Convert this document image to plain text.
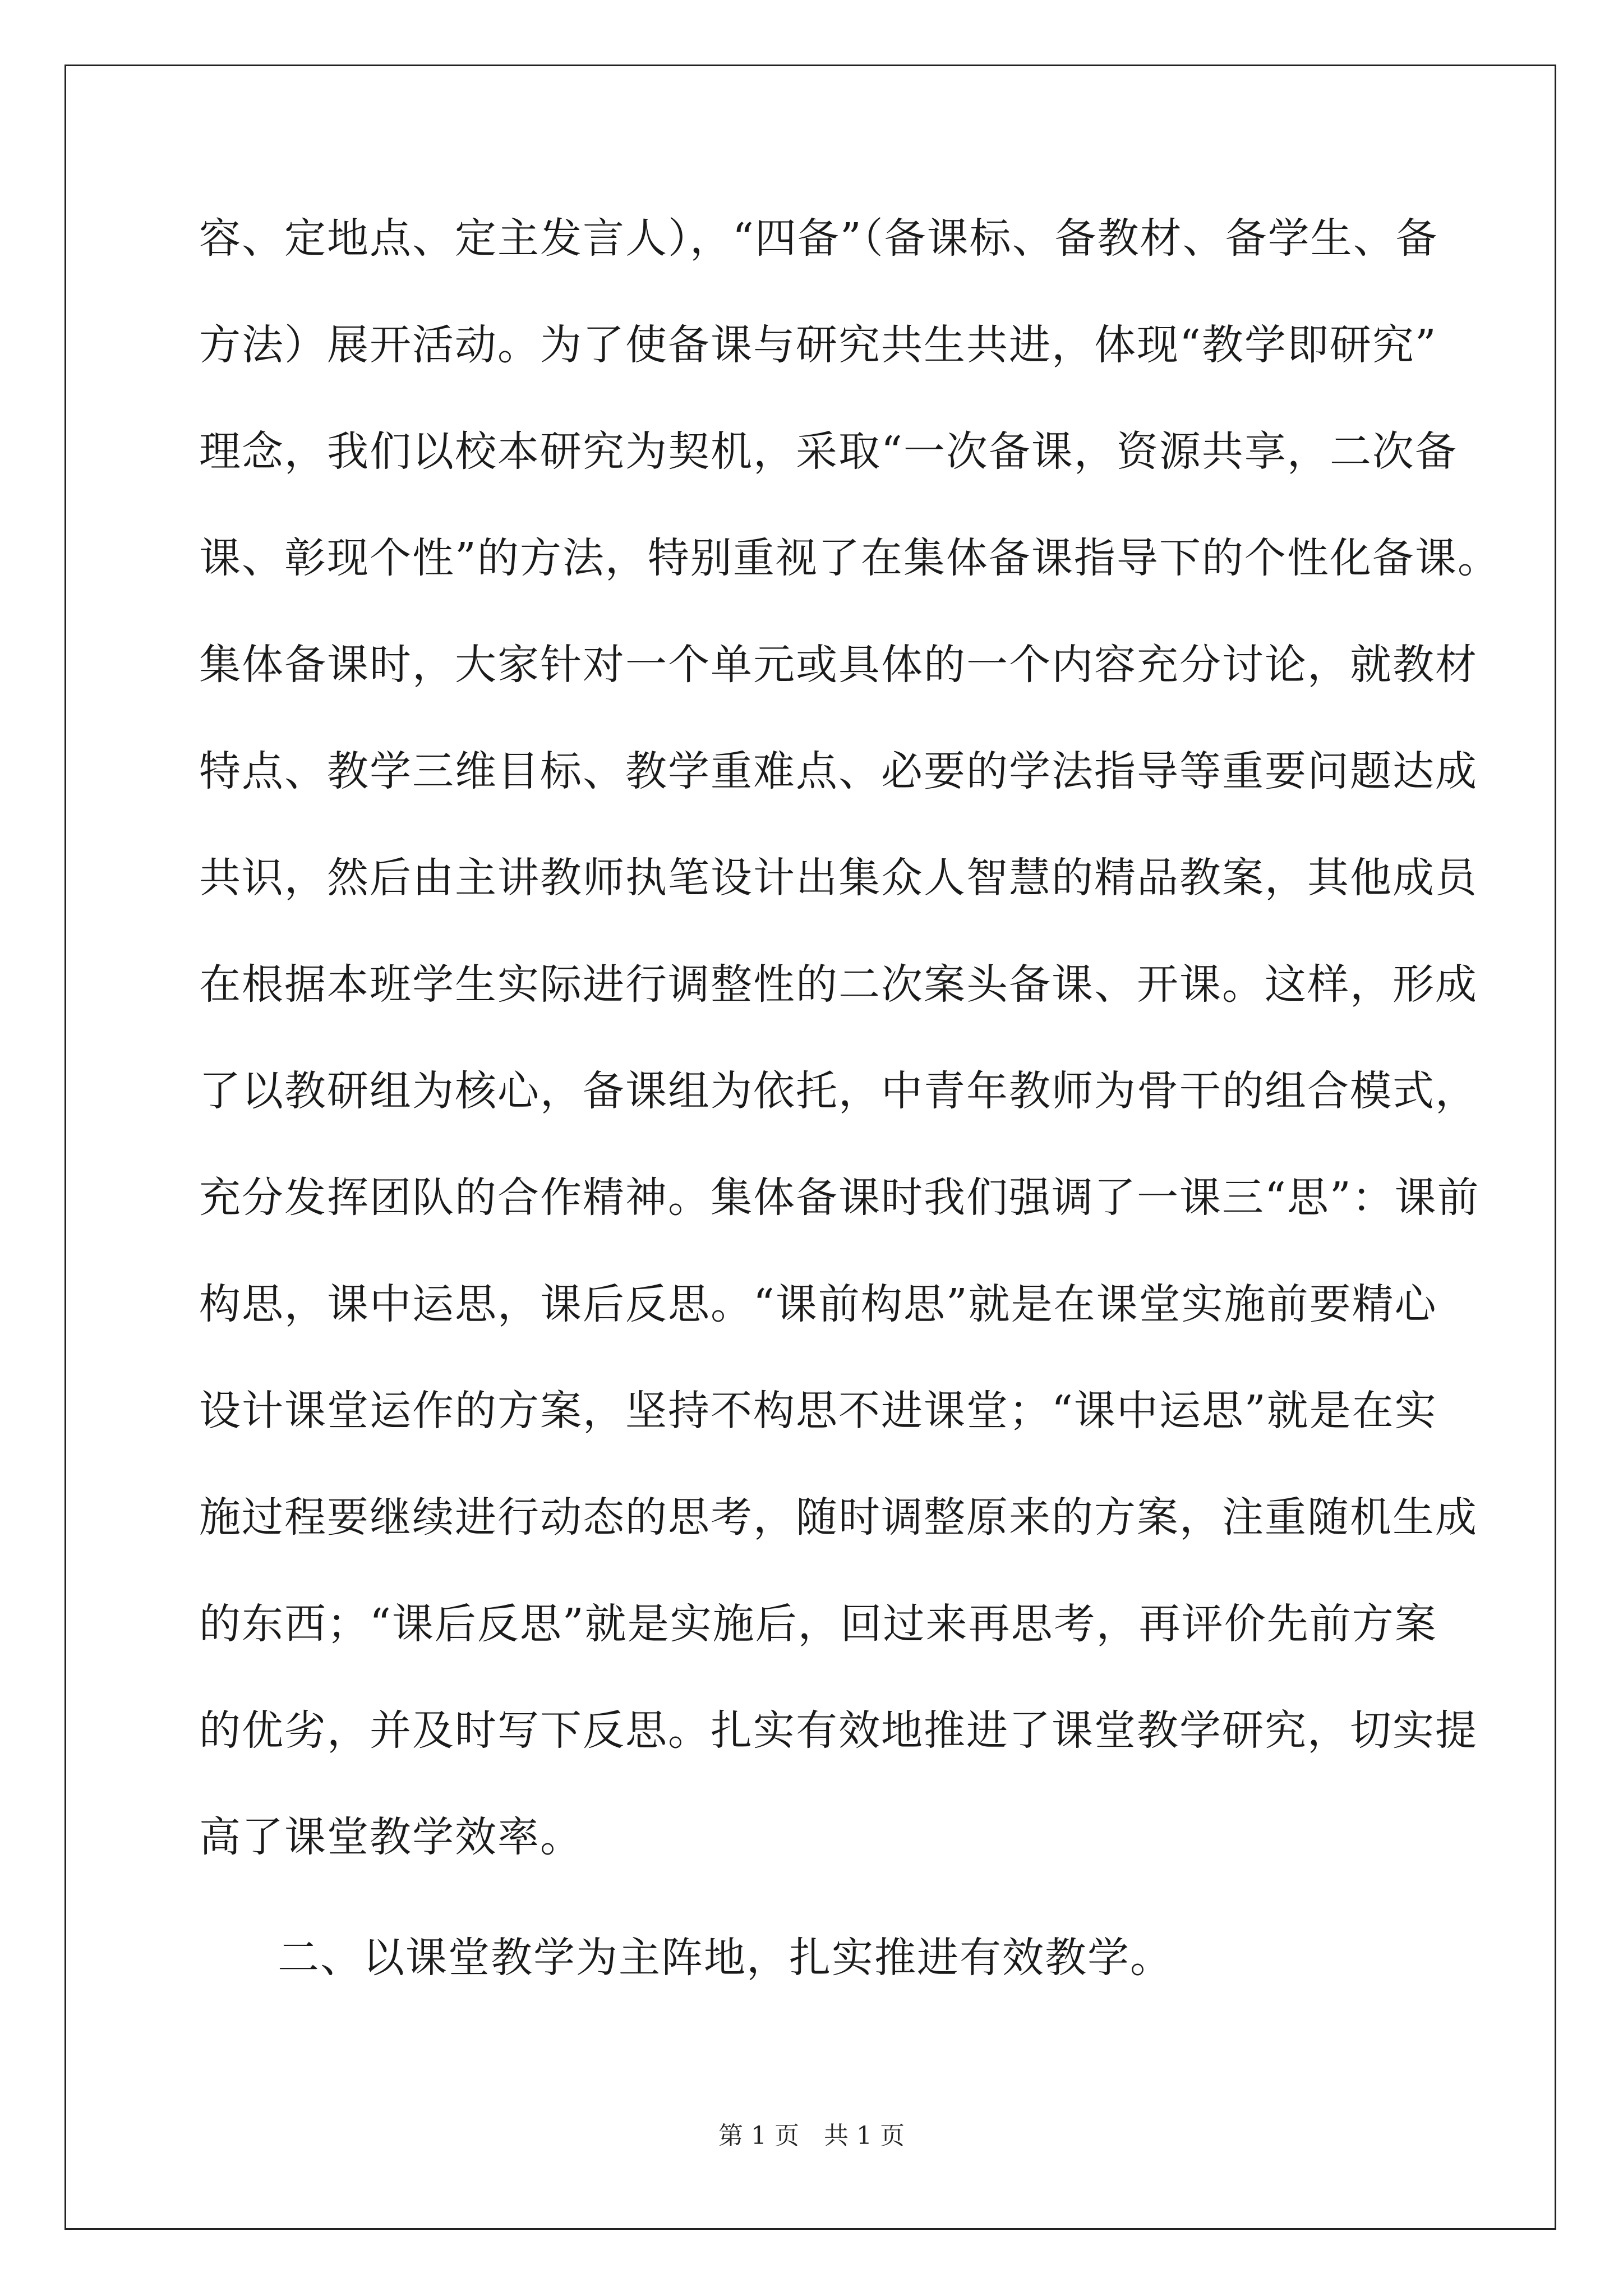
容、定地点、定主发言人），“四备”（备课标、备教材、备学生、备
方法）展开活动。为了使备课与研究共生共进，体现“教学即研究”
理念，我们以校本研究为契机，采取“一次备课，资源共享，二次备
课、彰现个性”的方法，特别重视了在集体备课指导下的个性化备课。
集体备课时，大家针对一个单元或具体的一个内容充分讨论，就教材
特点、教学三维目标、教学重难点、必要的学法指导等重要问题达成
共识，然后由主讲教师执笔设计出集众人智慧的精品教案，其他成员
在根据本班学生实际进行调整性的二次案头备课、开课。这样，形成
了以教研组为核心，备课组为依托，中青年教师为骨干的组合模式，
充分发挥团队的合作精神。集体备课时我们强调了一课三“思”：课前
构思，课中运思，课后反思。“课前构思”就是在课堂实施前要精心
设计课堂运作的方案，坚持不构思不进课堂；“课中运思”就是在实
施过程要继续进行动态的思考，随时调整原来的方案，注重随机生成
的东西；“课后反思”就是实施后，回过来再思考，再评价先前方案
的优劣，并及时写下反思。扎实有效地推进了课堂教学研究，切实提
高了课堂教学效率。
二、以课堂教学为主阵地，扎实推进有效教学。
第 1 页　共 1 页
